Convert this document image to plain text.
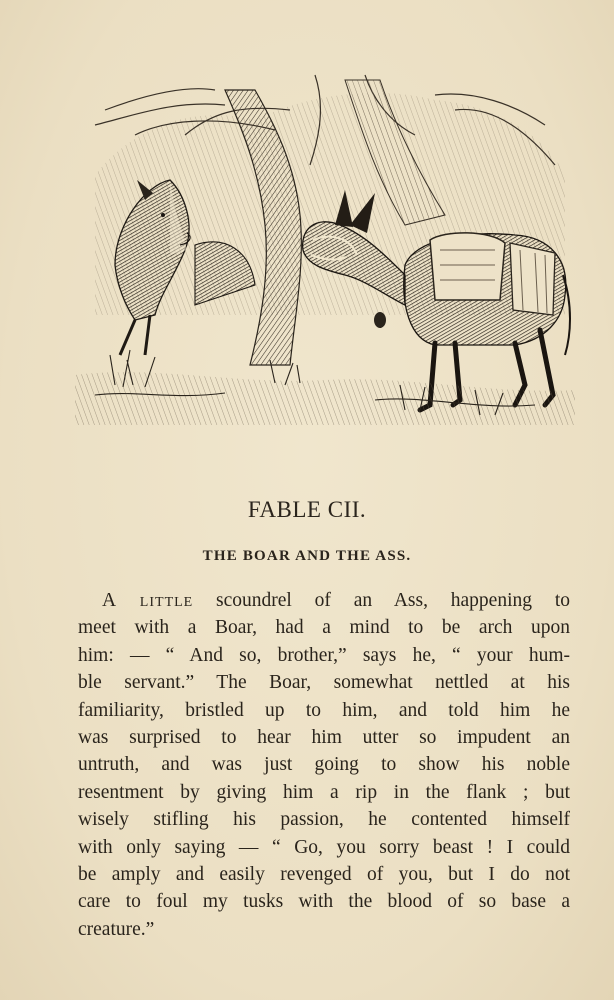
FABLE CII.
THE BOAR AND THE ASS.
A little scoundrel of an Ass, happening to
meet with a Boar, had a mind to be arch upon
him: — “ And so, brother,” says he, “ your hum-
ble servant.” The Boar, somewhat nettled at his
familiarity, bristled up to him, and told him he
was surprised to hear him utter so impudent an
untruth, and was just going to show his noble
resentment by giving him a rip in the flank ; but
wisely stifling his passion, he contented himself
with only saying — “ Go, you sorry beast ! I could
be amply and easily revenged of you, but I do not
care to foul my tusks with the blood of so base a
creature.”
